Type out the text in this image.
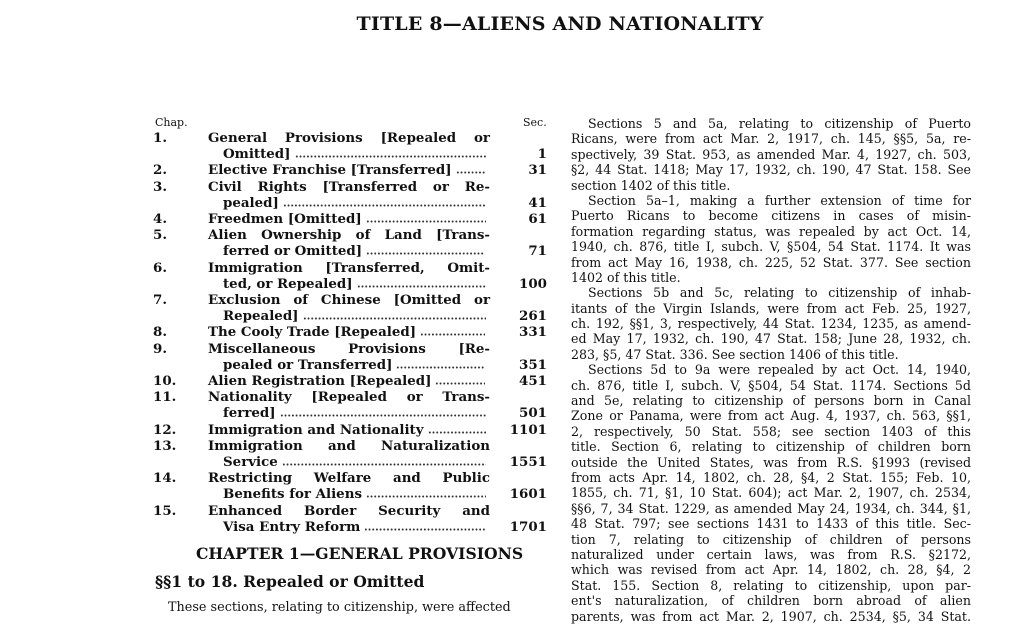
TITLE 8—ALIENS AND NATIONALITY
Chap.	Sec.
1.	General Provisions [Repealed or
Omitted]	1
2.	Elective Franchise [Transferred]	31
3.	Civil Rights [Transferred or Re-
pealed]	41
4.	Freedmen [Omitted]	61
5.	Alien Ownership of Land [Trans-
ferred or Omitted]	71
6.	Immigration [Transferred, Omit-
ted, or Repealed]	100
7.	Exclusion of Chinese [Omitted or
Repealed]	261
8.	The Cooly Trade [Repealed]	331
9.	Miscellaneous Provisions [Re-
pealed or Transferred]	351
10. Alien Registration [Repealed]	451
11. Nationality [Repealed or Trans-
ferred]	501
12. Immigration and Nationality	1101
13. Immigration and Naturalization
Service	1551
14. Restricting Welfare and Public
Benefits for Aliens	1601
15. Enhanced Border Security and
Visa Entry Reform	1701
CHAPTER 1—GENERAL PROVISIONS
§§1 to 18. Repealed or Omitted
These sections, relating to citizenship, were affected
Sections 5 and 5a, relating to citizenship of Puerto
Ricans, were from act Mar. 2, 1917, ch. 145, §§5, 5a, re-
spectively, 39 Stat. 953, as amended Mar. 4, 1927, ch. 503,
§2, 44 Stat. 1418; May 17, 1932, ch. 190, 47 Stat. 158. See
section 1402 of this title.
Section 5a–1, making a further extension of time for
Puerto Ricans to become citizens in cases of misin-
formation regarding status, was repealed by act Oct. 14,
1940, ch. 876, title I, subch. V, §504, 54 Stat. 1174. It was
from act May 16, 1938, ch. 225, 52 Stat. 377. See section
1402 of this title.
Sections 5b and 5c, relating to citizenship of inhab-
itants of the Virgin Islands, were from act Feb. 25, 1927,
ch. 192, §§1, 3, respectively, 44 Stat. 1234, 1235, as amend-
ed May 17, 1932, ch. 190, 47 Stat. 158; June 28, 1932, ch.
283, §5, 47 Stat. 336. See section 1406 of this title.
Sections 5d to 9a were repealed by act Oct. 14, 1940,
ch. 876, title I, subch. V, §504, 54 Stat. 1174. Sections 5d
and 5e, relating to citizenship of persons born in Canal
Zone or Panama, were from act Aug. 4, 1937, ch. 563, §§1,
2, respectively, 50 Stat. 558; see section 1403 of this
title. Section 6, relating to citizenship of children born
outside the United States, was from R.S. §1993 (revised
from acts Apr. 14, 1802, ch. 28, §4, 2 Stat. 155; Feb. 10,
1855, ch. 71, §1, 10 Stat. 604); act Mar. 2, 1907, ch. 2534,
§§6, 7, 34 Stat. 1229, as amended May 24, 1934, ch. 344, §1,
48 Stat. 797; see sections 1431 to 1433 of this title. Sec-
tion 7, relating to citizenship of children of persons
naturalized under certain laws, was from R.S. §2172,
which was revised from act Apr. 14, 1802, ch. 28, §4, 2
Stat. 155. Section 8, relating to citizenship, upon par-
ent's naturalization, of children born abroad of alien
parents, was from act Mar. 2, 1907, ch. 2534, §5, 34 Stat.
